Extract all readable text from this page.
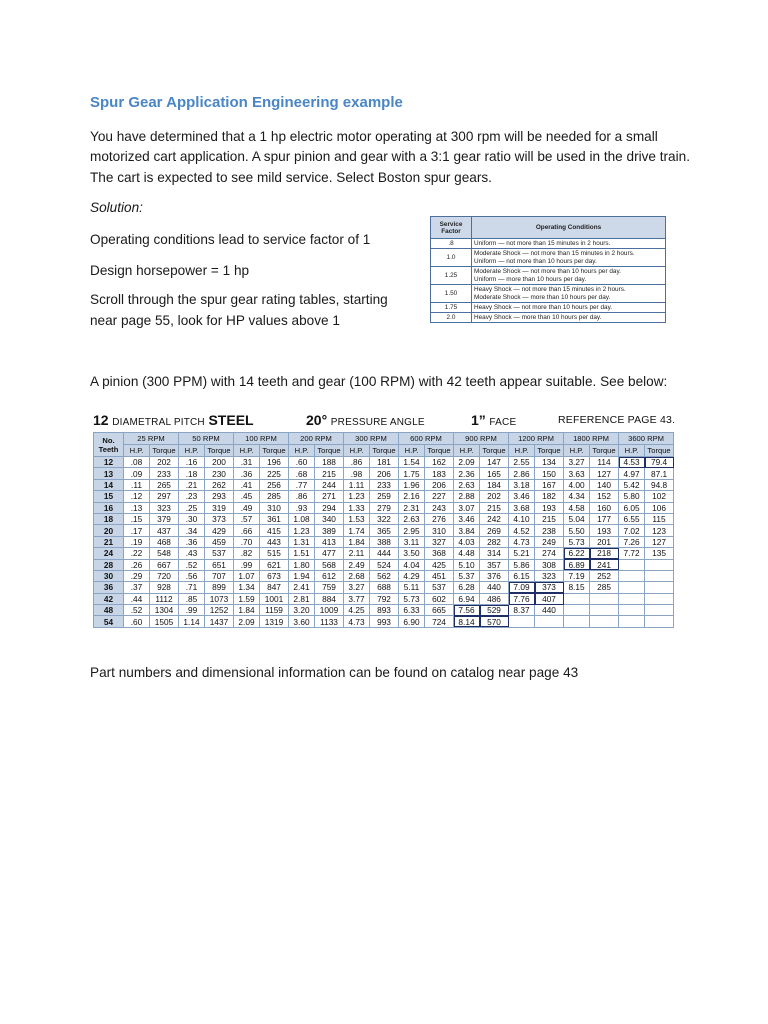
Spur Gear Application Engineering example
You have determined that a 1 hp electric motor operating at 300 rpm will be needed for a small motorized cart application. A spur pinion and gear with a 3:1 gear ratio will be used in the drive train. The cart is expected to see mild service. Select Boston spur gears.
Solution:
Operating conditions lead to service factor of 1
Design horsepower = 1 hp
Scroll through the spur gear rating tables, starting
near page 55, look for HP values above 1
Service Factor	Operating Conditions
.8	Uniform — not more than 15 minutes in 2 hours.

1.0	Moderate Shock — not more than 15 minutes in 2 hours.
Uniform — not more than 10 hours per day.

1.25	Moderate Shock — not more than 10 hours per day.
Uniform — more than 10 hours per day.

1.50	Heavy Shock — not more than 15 minutes in 2 hours.
Moderate Shock — more than 10 hours per day.

1.75	Heavy Shock — not more than 10 hours per day.

2.0	Heavy Shock — more than 10 hours per day.
A pinion (300 PPM) with 14 teeth and gear (100 RPM) with 42 teeth appear suitable. See below:
12 DIAMETRAL PITCH STEEL	20° PRESSURE ANGLE	1” FACE	REFERENCE PAGE 43.
No. Teeth	25 RPM		50 RPM		100 RPM		200 RPM		300 RPM		600 RPM		900 RPM		1200 RPM		1800 RPM		3600 RPM	
	H.P.	Torque	H.P.	Torque	H.P.	Torque	H.P.	Torque	H.P.	Torque	H.P.	Torque	H.P.	Torque	H.P.	Torque	H.P.	Torque	H.P.	Torque
12	.08	202	.16	200	.31	196	.60	188	.86	181	1.54	162	2.09	147	2.55	134	3.27	114	4.53	79.4
13	.09	233	.18	230	.36	225	.68	215	.98	206	1.75	183	2.36	165	2.86	150	3.63	127	4.97	87.1
14	.11	265	.21	262	.41	256	.77	244	1.11	233	1.96	206	2.63	184	3.18	167	4.00	140	5.42	94.8
15	.12	297	.23	293	.45	285	.86	271	1.23	259	2.16	227	2.88	202	3.46	182	4.34	152	5.80	102
16	.13	323	.25	319	.49	310	.93	294	1.33	279	2.31	243	3.07	215	3.68	193	4.58	160	6.05	106
18	.15	379	.30	373	.57	361	1.08	340	1.53	322	2.63	276	3.46	242	4.10	215	5.04	177	6.55	115
20	.17	437	.34	429	.66	415	1.23	389	1.74	365	2.95	310	3.84	269	4.52	238	5.50	193	7.02	123
21	.19	468	.36	459	.70	443	1.31	413	1.84	388	3.11	327	4.03	282	4.73	249	5.73	201	7.26	127
24	.22	548	.43	537	.82	515	1.51	477	2.11	444	3.50	368	4.48	314	5.21	274	6.22	218	7.72	135
28	.26	667	.52	651	.99	621	1.80	568	2.49	524	4.04	425	5.10	357	5.86	308	6.89	241		
30	.29	720	.56	707	1.07	673	1.94	612	2.68	562	4.29	451	5.37	376	6.15	323	7.19	252		
36	.37	928	.71	899	1.34	847	2.41	759	3.27	688	5.11	537	6.28	440	7.09	373	8.15	285		
42	.44	1112	.85	1073	1.59	1001	2.81	884	3.77	792	5.73	602	6.94	486	7.76	407				
48	.52	1304	.99	1252	1.84	1159	3.20	1009	4.25	893	6.33	665	7.56	529	8.37	440				
54	.60	1505	1.14	1437	2.09	1319	3.60	1133	4.73	993	6.90	724	8.14	570						
Part numbers and dimensional information can be found on catalog near page 43
